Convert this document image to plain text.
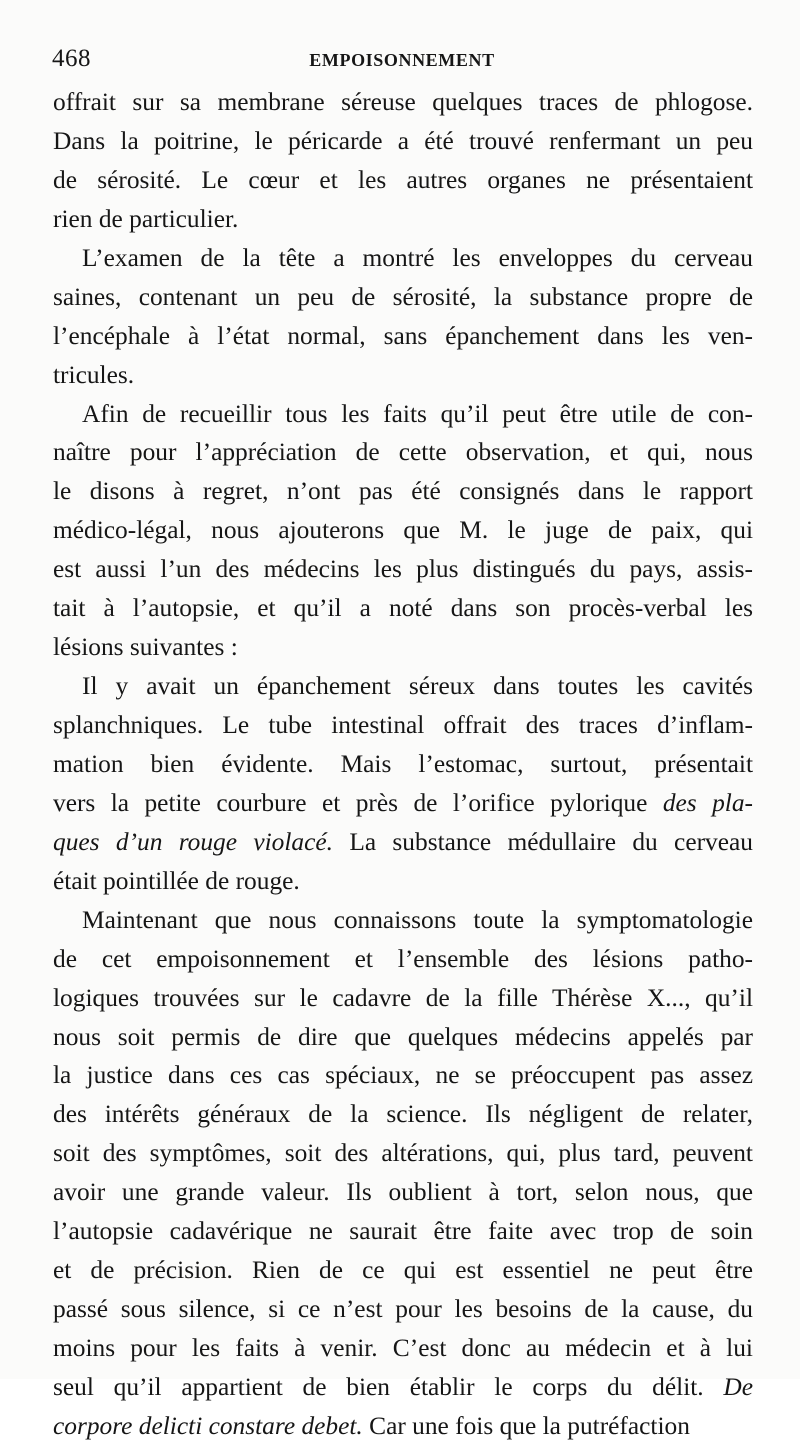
468	EMPOISONNEMENT
offrait sur sa membrane séreuse quelques traces de phlogose.
Dans la poitrine, le péricarde a été trouvé renfermant un peu
de sérosité. Le cœur et les autres organes ne présentaient
rien de particulier.
L’examen de la tête a montré les enveloppes du cerveau
saines, contenant un peu de sérosité, la substance propre de
l’encéphale à l’état normal, sans épanchement dans les ven-
tricules.
Afin de recueillir tous les faits qu’il peut être utile de con-
naître pour l’appréciation de cette observation, et qui, nous
le disons à regret, n’ont pas été consignés dans le rapport
médico-légal, nous ajouterons que M. le juge de paix, qui
est aussi l’un des médecins les plus distingués du pays, assis-
tait à l’autopsie, et qu’il a noté dans son procès-verbal les
lésions suivantes :
Il y avait un épanchement séreux dans toutes les cavités
splanchniques. Le tube intestinal offrait des traces d’inflam-
mation bien évidente. Mais l’estomac, surtout, présentait
vers la petite courbure et près de l’orifice pylorique des pla-
ques d’un rouge violacé. La substance médullaire du cerveau
était pointillée de rouge.
Maintenant que nous connaissons toute la symptomatologie
de cet empoisonnement et l’ensemble des lésions patho-
logiques trouvées sur le cadavre de la fille Thérèse X..., qu’il
nous soit permis de dire que quelques médecins appelés par
la justice dans ces cas spéciaux, ne se préoccupent pas assez
des intérêts généraux de la science. Ils négligent de relater,
soit des symptômes, soit des altérations, qui, plus tard, peuvent
avoir une grande valeur. Ils oublient à tort, selon nous, que
l’autopsie cadavérique ne saurait être faite avec trop de soin
et de précision. Rien de ce qui est essentiel ne peut être
passé sous silence, si ce n’est pour les besoins de la cause, du
moins pour les faits à venir. C’est donc au médecin et à lui
seul qu’il appartient de bien établir le corps du délit. De
corpore delicti constare debet. Car une fois que la putréfaction
